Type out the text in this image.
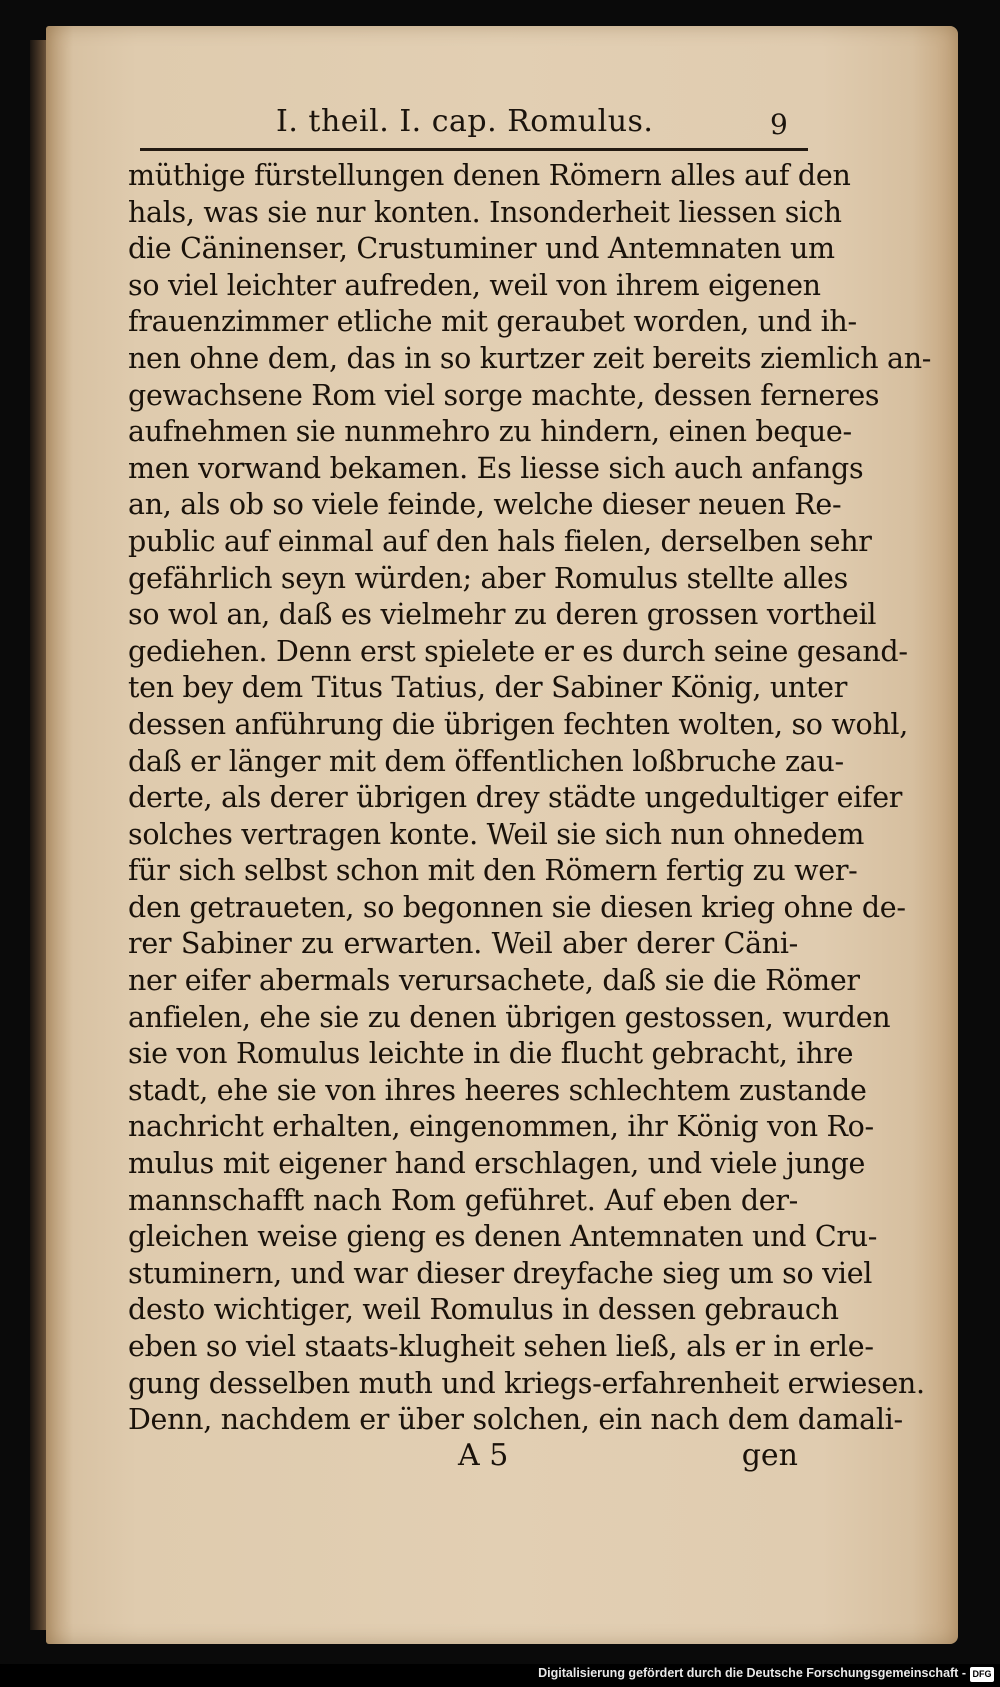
I. theil. I. cap. Romulus.	9
müthige fürstellungen denen Römern alles auf den
hals, was sie nur konten. Insonderheit liessen sich
die Cäninenser, Crustuminer und Antemnaten um
so viel leichter aufreden, weil von ihrem eigenen
frauenzimmer etliche mit geraubet worden, und ih-
nen ohne dem, das in so kurtzer zeit bereits ziemlich an-
gewachsene Rom viel sorge machte, dessen ferneres
aufnehmen sie nunmehro zu hindern, einen beque-
men vorwand bekamen. Es liesse sich auch anfangs
an, als ob so viele feinde, welche dieser neuen Re-
public auf einmal auf den hals fielen, derselben sehr
gefährlich seyn würden; aber Romulus stellte alles
so wol an, daß es vielmehr zu deren grossen vortheil
gediehen. Denn erst spielete er es durch seine gesand-
ten bey dem Titus Tatius, der Sabiner König, unter
dessen anführung die übrigen fechten wolten, so wohl,
daß er länger mit dem öffentlichen loßbruche zau-
derte, als derer übrigen drey städte ungedultiger eifer
solches vertragen konte. Weil sie sich nun ohnedem
für sich selbst schon mit den Römern fertig zu wer-
den getraueten, so begonnen sie diesen krieg ohne de-
rer Sabiner zu erwarten. Weil aber derer Cäni-
ner eifer abermals verursachete, daß sie die Römer
anfielen, ehe sie zu denen übrigen gestossen, wurden
sie von Romulus leichte in die flucht gebracht, ihre
stadt, ehe sie von ihres heeres schlechtem zustande
nachricht erhalten, eingenommen, ihr König von Ro-
mulus mit eigener hand erschlagen, und viele junge
mannschafft nach Rom geführet. Auf eben der-
gleichen weise gieng es denen Antemnaten und Cru-
stuminern, und war dieser dreyfache sieg um so viel
desto wichtiger, weil Romulus in dessen gebrauch
eben so viel staats-klugheit sehen ließ, als er in erle-
gung desselben muth und kriegs-erfahrenheit erwiesen.
Denn, nachdem er über solchen, ein nach dem damali-
A 5	gen
Digitalisierung gefördert durch die Deutsche Forschungsgemeinschaft - DFG
